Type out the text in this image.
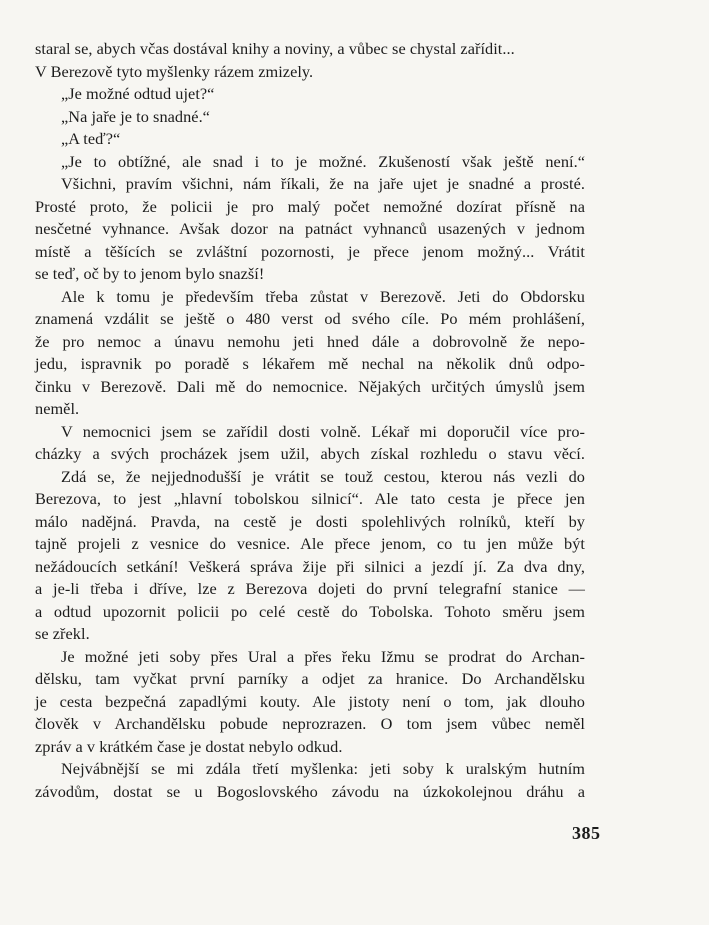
staral se, abych včas dostával knihy a noviny, a vůbec se chystal zařídit...
V Berezově tyto myšlenky rázem zmizely.
„Je možné odtud ujet?“
„Na jaře je to snadné.“
„A teď?“
„Je to obtížné, ale snad i to je možné. Zkušeností však ještě není.“
Všichni, pravím všichni, nám říkali, že na jaře ujet je snadné a prosté.
Prosté proto, že policii je pro malý počet nemožné dozírat přísně na
nesčetné vyhnance. Avšak dozor na patnáct vyhnanců usazených v jednom
místě a těšících se zvláštní pozornosti, je přece jenom možný... Vrátit
se teď, oč by to jenom bylo snazší!
Ale k tomu je především třeba zůstat v Berezově. Jeti do Obdorsku
znamená vzdálit se ještě o 480 verst od svého cíle. Po mém prohlášení,
že pro nemoc a únavu nemohu jeti hned dále a dobrovolně že nepo-
jedu, ispravnik po poradě s lékařem mě nechal na několik dnů odpo-
činku v Berezově. Dali mě do nemocnice. Nějakých určitých úmyslů jsem
neměl.
V nemocnici jsem se zařídil dosti volně. Lékař mi doporučil více pro-
cházky a svých procházek jsem užil, abych získal rozhledu o stavu věcí.
Zdá se, že nejjednodušší je vrátit se touž cestou, kterou nás vezli do
Berezova, to jest „hlavní tobolskou silnicí“. Ale tato cesta je přece jen
málo nadějná. Pravda, na cestě je dosti spolehlivých rolníků, kteří by
tajně projeli z vesnice do vesnice. Ale přece jenom, co tu jen může být
nežádoucích setkání! Veškerá správa žije při silnici a jezdí jí. Za dva dny,
a je-li třeba i dříve, lze z Berezova dojeti do první telegrafní stanice —
a odtud upozornit policii po celé cestě do Tobolska. Tohoto směru jsem
se zřekl.
Je možné jeti soby přes Ural a přes řeku Ižmu se prodrat do Archan-
dělsku, tam vyčkat první parníky a odjet za hranice. Do Archandělsku
je cesta bezpečná zapadlými kouty. Ale jistoty není o tom, jak dlouho
člověk v Archandělsku pobude neprozrazen. O tom jsem vůbec neměl
zpráv a v krátkém čase je dostat nebylo odkud.
Nejvábnější se mi zdála třetí myšlenka: jeti soby k uralským hutním
závodům, dostat se u Bogoslovského závodu na úzkokolejnou dráhu a
385
